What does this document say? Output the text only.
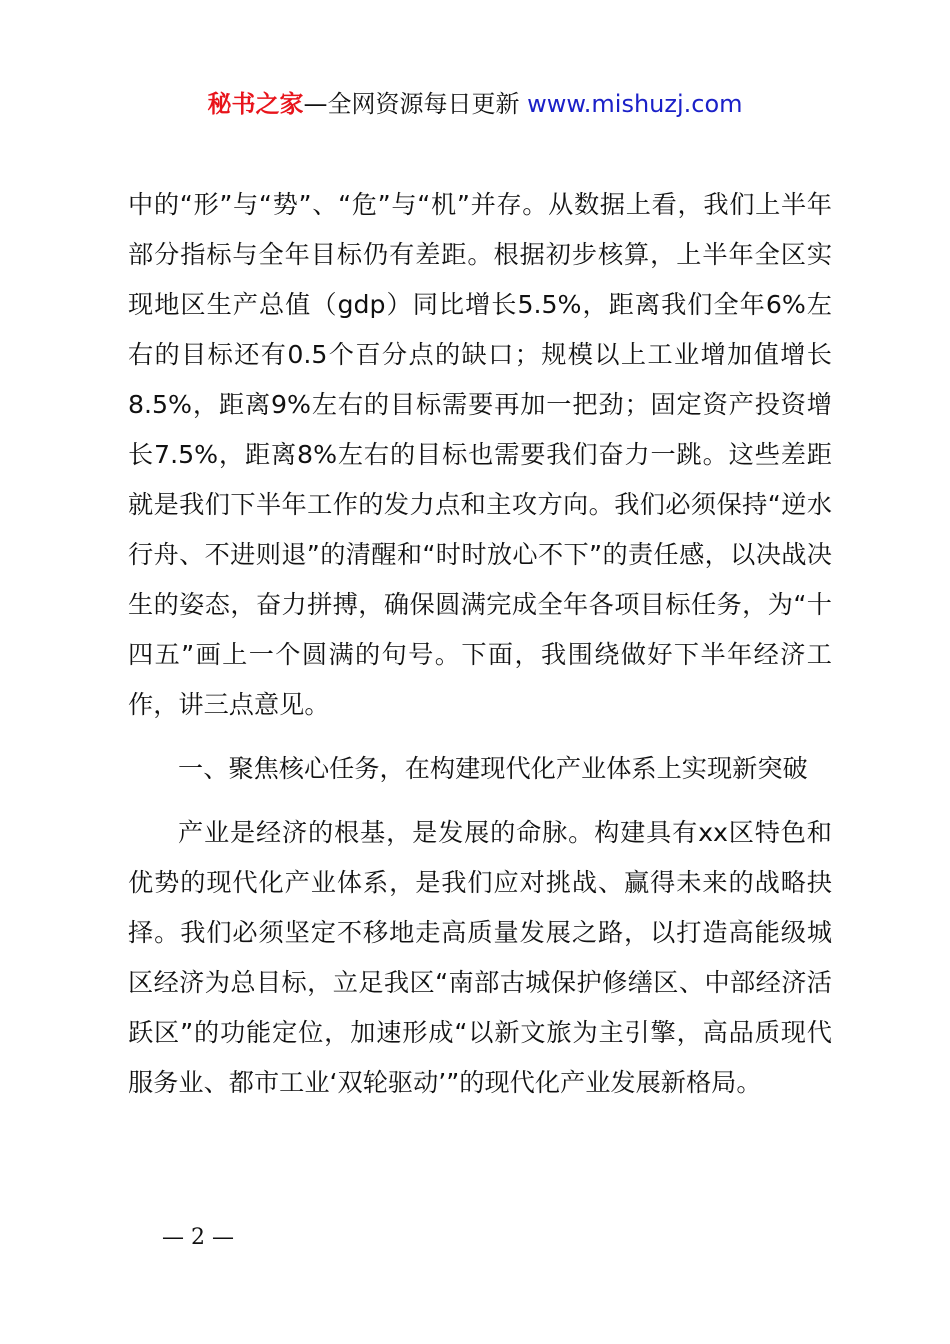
秘书之家—全网资源每日更新 www.mishuzj.com

中的“形”与“势”、“危”与“机”并存。从数据上看，我们上半年部分指标与全年目标仍有差距。根据初步核算，上半年全区实现地区生产总值（gdp）同比增长5.5%，距离我们全年6%左右的目标还有0.5个百分点的缺口；规模以上工业增加值增长8.5%，距离9%左右的目标需要再加一把劲；固定资产投资增长7.5%，距离8%左右的目标也需要我们奋力一跳。这些差距就是我们下半年工作的发力点和主攻方向。我们必须保持“逆水行舟、不进则退”的清醒和“时时放心不下”的责任感，以决战决生的姿态，奋力拼搏，确保圆满完成全年各项目标任务，为“十四五”画上一个圆满的句号。下面，我围绕做好下半年经济工作，讲三点意见。

一、聚焦核心任务，在构建现代化产业体系上实现新突破

产业是经济的根基，是发展的命脉。构建具有xx区特色和优势的现代化产业体系，是我们应对挑战、赢得未来的战略抉择。我们必须坚定不移地走高质量发展之路，以打造高能级城区经济为总目标，立足我区“南部古城保护修缮区、中部经济活跃区”的功能定位，加速形成“以新文旅为主引擎，高品质现代服务业、都市工业‘双轮驱动’”的现代化产业发展新格局。

— 2 —
